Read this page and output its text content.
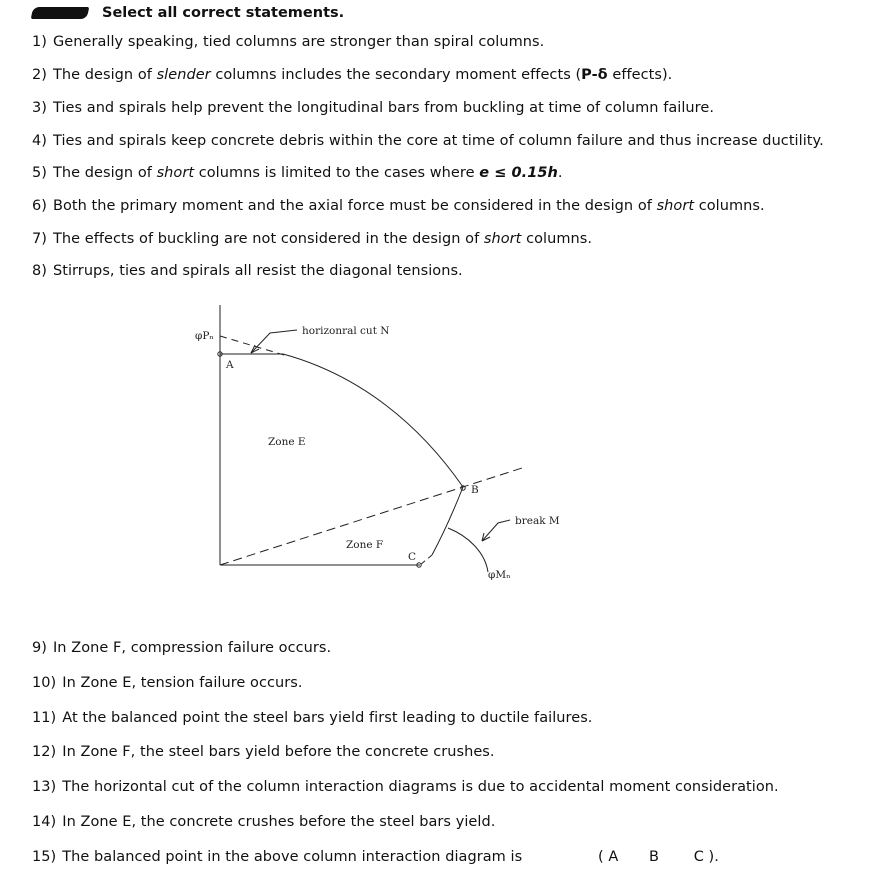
Select all correct statements.
1) Generally speaking, tied columns are stronger than spiral columns.
2) The design of slender columns includes the secondary moment effects (P-δ effects).
3) Ties and spirals help prevent the longitudinal bars from buckling at time of column failure.
4) Ties and spirals keep concrete debris within the core at time of column failure and thus increase ductility.
5) The design of short columns is limited to the cases where e ≤ 0.15h.
6) Both the primary moment and the axial force must be considered in the design of short columns.
7) The effects of buckling are not considered in the design of short columns.
8) Stirrups, ties and spirals all resist the diagonal tensions.
φPₙ
A
horizonral cut N
Zone E
B
break M
Zone F
C
φMₙ
9) In Zone F, compression failure occurs.
10) In Zone E, tension failure occurs.
11) At the balanced point the steel bars yield first leading to ductile failures.
12) In Zone F, the steel bars yield before the concrete crushes.
13) The horizontal cut of the column interaction diagrams is due to accidental moment consideration.
14) In Zone E, the concrete crushes before the steel bars yield.
15) The balanced point in the above column interaction diagram is	( A B C ).
